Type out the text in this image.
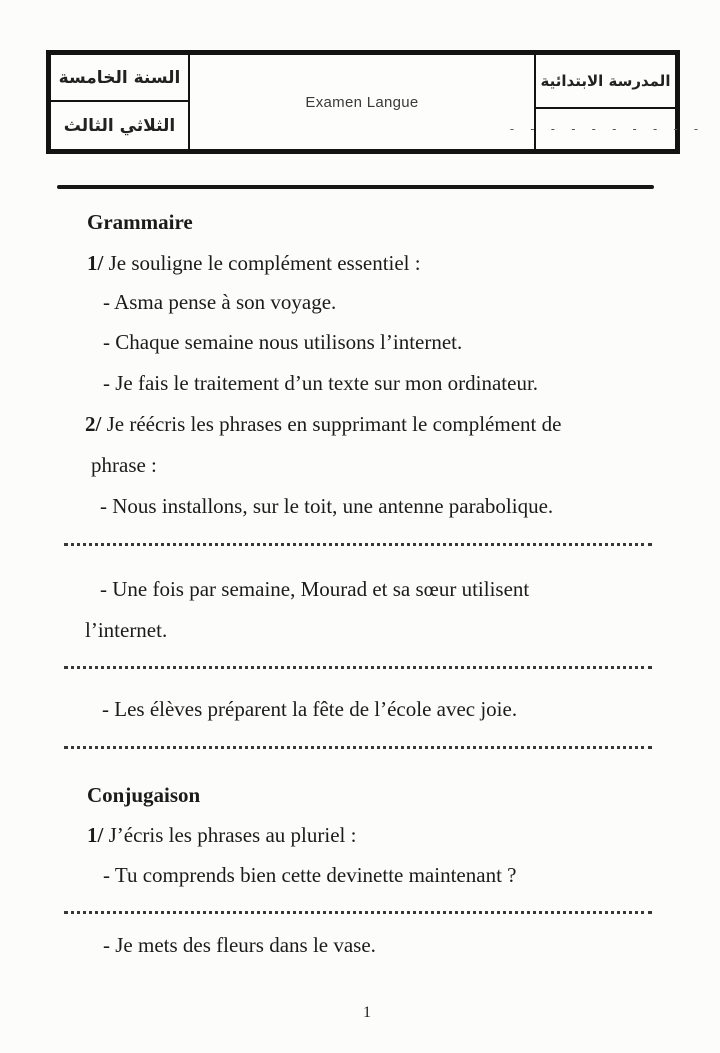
السنة الخامسة
الثلاثي الثالث
Examen Langue
المدرسة الابتدائية
- - - - - - - - - -
Grammaire
1/ Je souligne le complément essentiel :
- Asma pense à son voyage.
- Chaque semaine nous utilisons l’internet.
- Je fais le traitement d’un texte sur mon ordinateur.
2/ Je réécris les phrases en supprimant le complément de
phrase :
- Nous installons, sur le toit, une antenne parabolique.
- Une fois par semaine, Mourad et sa sœur utilisent
l’internet.
- Les élèves préparent la fête de l’école avec joie.
Conjugaison
1/ J’écris les phrases au pluriel :
- Tu comprends bien cette devinette maintenant ?
- Je mets des fleurs dans le vase.
1
